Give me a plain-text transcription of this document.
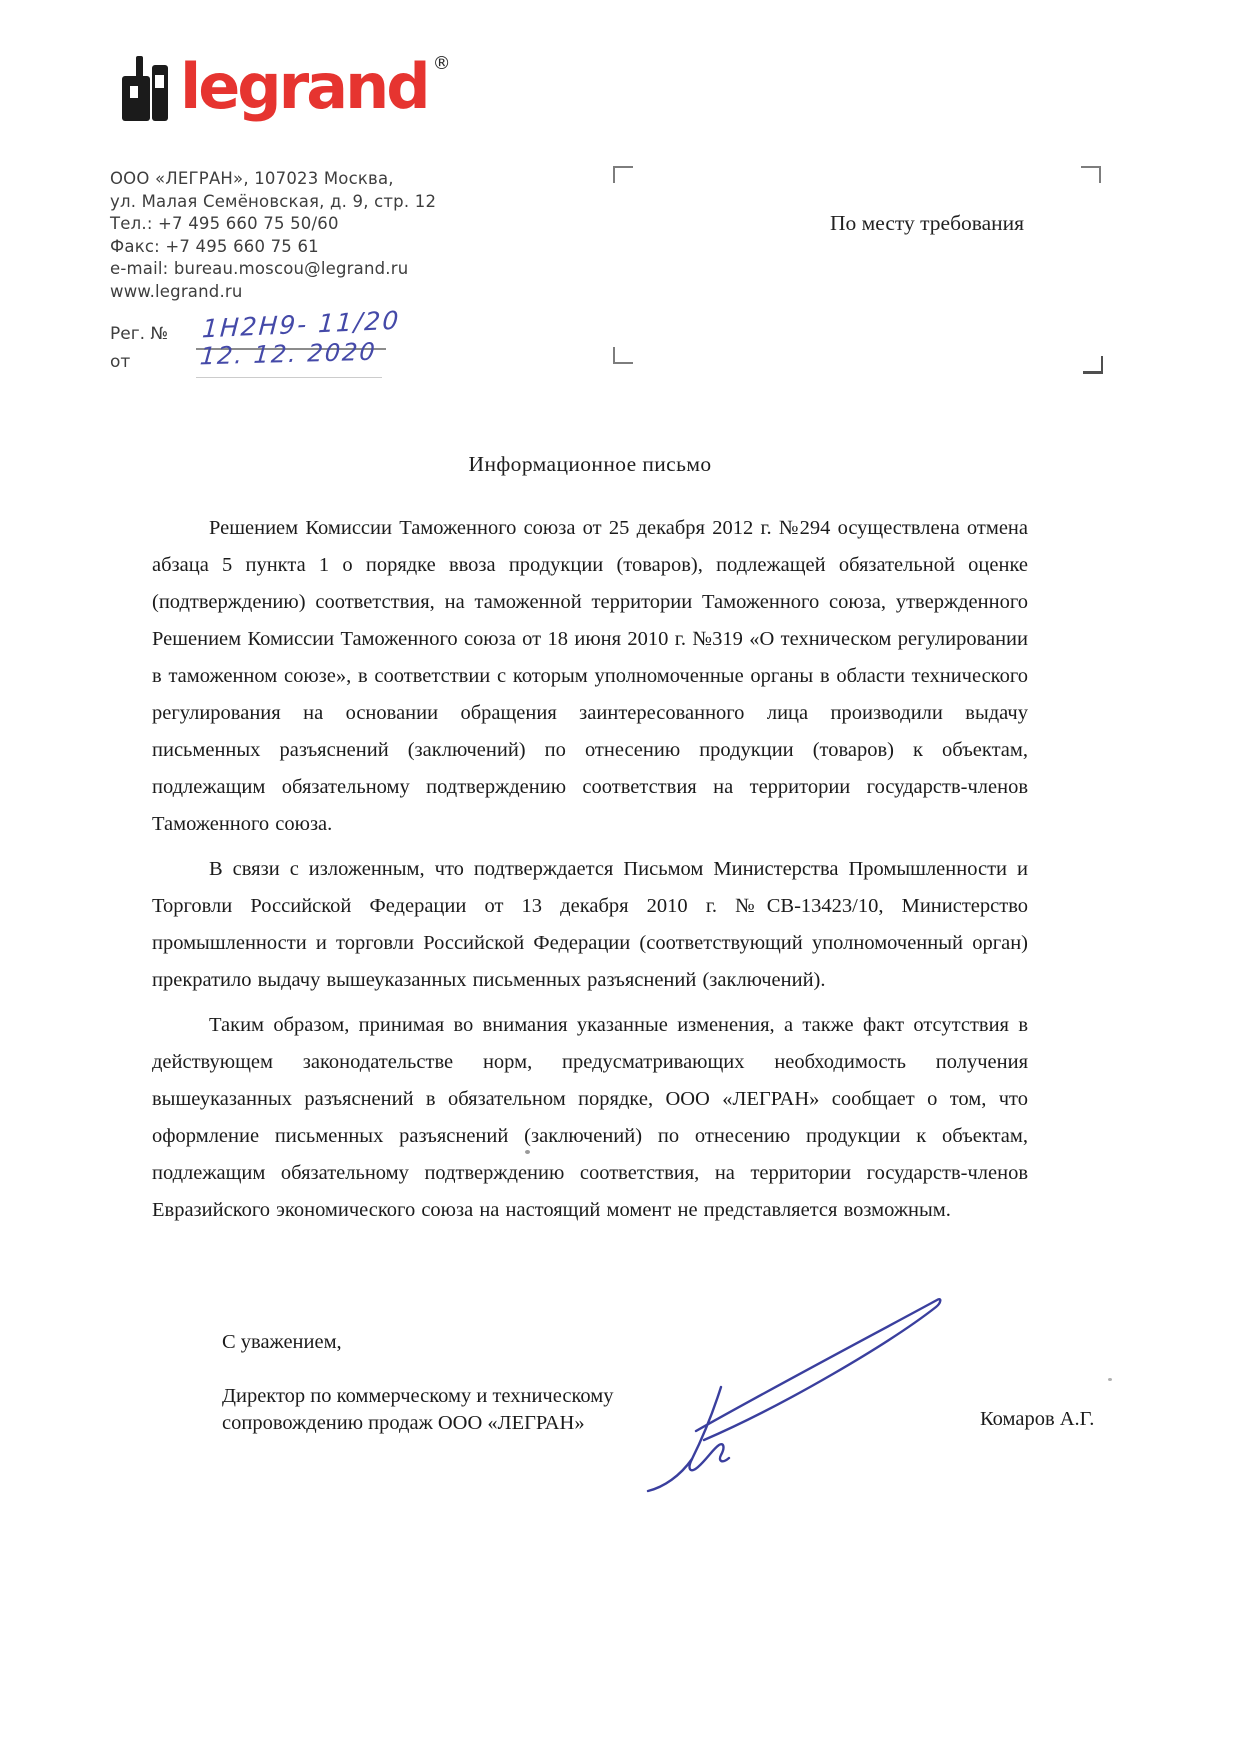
legrand ®
ООО «ЛЕГРАН», 107023 Москва,
ул. Малая Семёновская, д. 9, стр. 12
Тел.: +7 495 660 75 50/60
Факс: +7 495 660 75 61
e-mail: bureau.moscou@legrand.ru
www.legrand.ru
Рег. № 1Н2Н9- 11/20
от	12. 12. 2020
По месту требования
Информационное письмо

Решением Комиссии Таможенного союза от 25 декабря 2012 г. №294 осуществлена отмена абзаца 5 пункта 1 о порядке ввоза продукции (товаров), подлежащей обязательной оценке (подтверждению) соответствия, на таможенной территории Таможенного союза, утвержденного Решением Комиссии Таможенного союза от 18 июня 2010 г. №319 «О техническом регулировании в таможенном союзе», в соответствии с которым уполномоченные органы в области технического регулирования на основании обращения заинтересованного лица производили выдачу письменных разъяснений (заключений) по отнесению продукции (товаров) к объектам, подлежащим обязательному подтверждению соответствия на территории государств-членов Таможенного союза.

В связи с изложенным, что подтверждается Письмом Министерства Промышленности и Торговли Российской Федерации от 13 декабря 2010 г. №СВ-13423/10, Министерство промышленности и торговли Российской Федерации (соответствующий уполномоченный орган) прекратило выдачу вышеуказанных письменных разъяснений (заключений).

Таким образом, принимая во внимания указанные изменения, а также факт отсутствия в действующем законодательстве норм, предусматривающих необходимость получения вышеуказанных разъяснений в обязательном порядке, ООО «ЛЕГРАН» сообщает о том, что оформление письменных разъяснений (заключений) по отнесению продукции к объектам, подлежащим обязательному подтверждению соответствия, на территории государств-членов Евразийского экономического союза на настоящий момент не представляется возможным.

С уважением,
Директор по коммерческому и техническому
сопровождению продаж ООО «ЛЕГРАН»	Комаров А.Г.
